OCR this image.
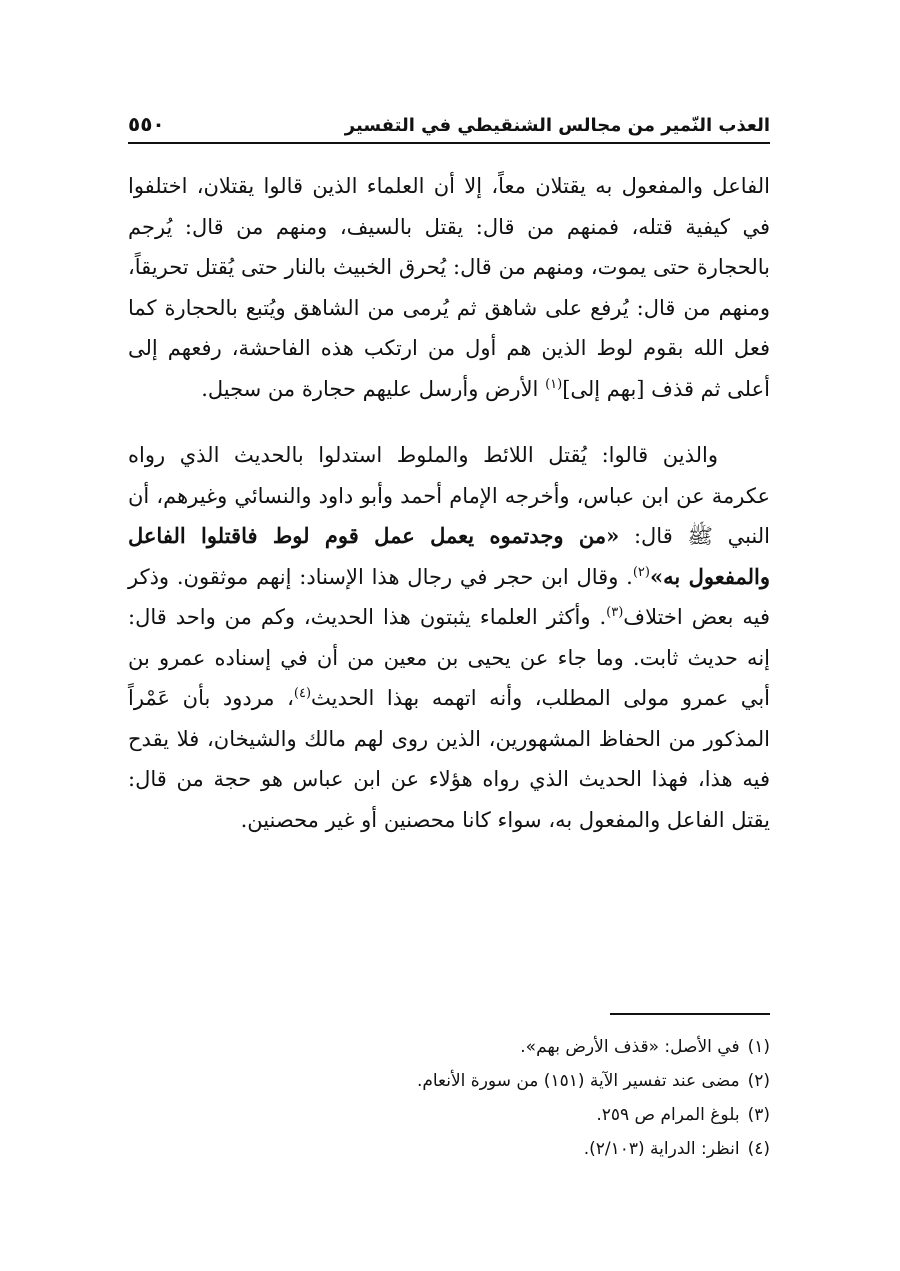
العذب النّمير من مجالس الشنقيطي في التفسير
٥٥٠

الفاعل والمفعول به يقتلان معاً، إلا أن العلماء الذين قالوا يقتلان، اختلفوا في كيفية قتله، فمنهم من قال: يقتل بالسيف، ومنهم من قال: يُرجم بالحجارة حتى يموت، ومنهم من قال: يُحرق الخبيث بالنار حتى يُقتل تحريقاً، ومنهم من قال: يُرفع على شاهق ثم يُرمى من الشاهق ويُتبع بالحجارة كما فعل الله بقوم لوط الذين هم أول من ارتكب هذه الفاحشة، رفعهم إلى أعلى ثم قذف [بهم إلى]$^{(١)}$ الأرض وأرسل عليهم حجارة من سجيل.

والذين قالوا: يُقتل اللائط والملوط استدلوا بالحديث الذي رواه عكرمة عن ابن عباس، وأخرجه الإمام أحمد وأبو داود والنسائي وغيرهم، أن النبي ﷺ قال: «من وجدتموه يعمل عمل قوم لوط فاقتلوا الفاعل والمفعول به»$^{(٢)}$. وقال ابن حجر في رجال هذا الإسناد: إنهم موثقون. وذكر فيه بعض اختلاف$^{(٣)}$. وأكثر العلماء يثبتون هذا الحديث، وكم من واحد قال: إنه حديث ثابت. وما جاء عن يحيى بن معين من أن في إسناده عمرو بن أبي عمرو مولى المطلب، وأنه اتهمه بهذا الحديث$^{(٤)}$، مردود بأن عَمْراً المذكور من الحفاظ المشهورين، الذين روى لهم مالك والشيخان، فلا يقدح فيه هذا، فهذا الحديث الذي رواه هؤلاء عن ابن عباس هو حجة من قال: يقتل الفاعل والمفعول به، سواء كانا محصنين أو غير محصنين.

(١)في الأصل: «قذف الأرض بهم».
(٢)مضى عند تفسير الآية (١٥١) من سورة الأنعام.
(٣)بلوغ المرام ص ٢٥٩.
(٤)انظر: الدراية (٢/١٠٣).
